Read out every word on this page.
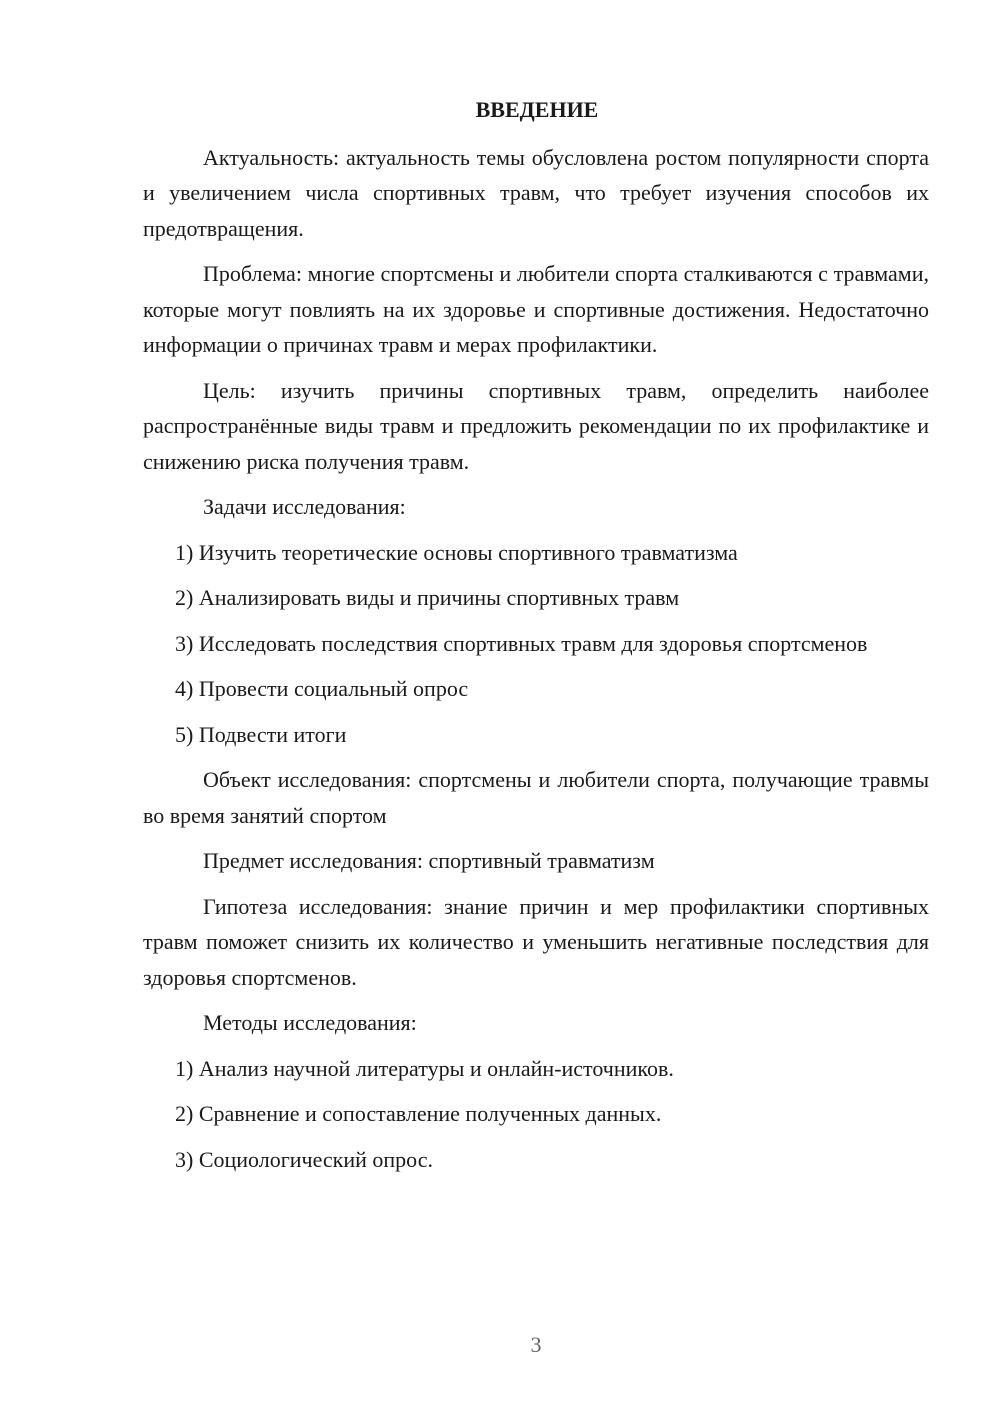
ВВЕДЕНИЕ

Актуальность: актуальность темы обусловлена ростом популярности спорта и увеличением числа спортивных травм, что требует изучения способов их предотвращения.

Проблема: многие спортсмены и любители спорта сталкиваются с травмами, которые могут повлиять на их здоровье и спортивные достижения. Недостаточно информации о причинах травм и мерах профилактики.

Цель: изучить причины спортивных травм, определить наиболее распространённые виды травм и предложить рекомендации по их профилактике и снижению риска получения травм.

Задачи исследования:

1) Изучить теоретические основы спортивного травматизма

2) Анализировать виды и причины спортивных травм

3) Исследовать последствия спортивных травм для здоровья спортсменов

4) Провести социальный опрос

5) Подвести итоги

Объект исследования: спортсмены и любители спорта, получающие травмы во время занятий спортом

Предмет исследования: спортивный травматизм

Гипотеза исследования: знание причин и мер профилактики спортивных травм поможет снизить их количество и уменьшить негативные последствия для здоровья спортсменов.

Методы исследования:

1) Анализ научной литературы и онлайн-источников.

2) Сравнение и сопоставление полученных данных.

3) Социологический опрос.

3
